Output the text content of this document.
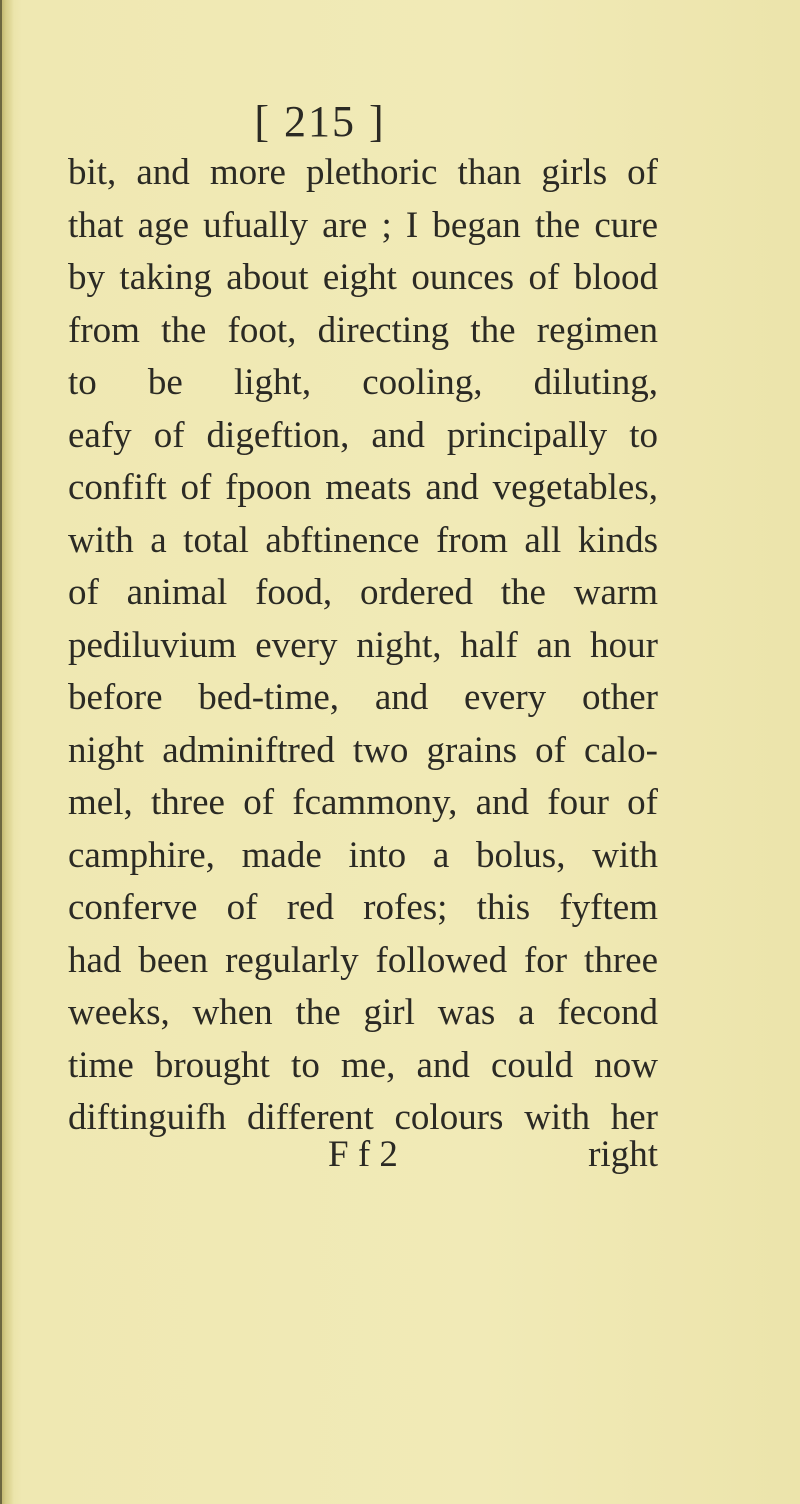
[ 215 ]
bit, and more plethoric than girls of
that age ufually are ; I began the cure
by taking about eight ounces of blood
from the foot, directing the regimen
to be light, cooling, diluting,
eafy of digeftion, and principally to
confift of fpoon meats and vegetables,
with a total abftinence from all kinds
of animal food, ordered the warm
pediluvium every night, half an hour
before bed-time, and every other
night adminiftred two grains of calo-
mel, three of fcammony, and four of
camphire, made into a bolus, with
conferve of red rofes; this fyftem
had been regularly followed for three
weeks, when the girl was a fecond
time brought to me, and could now
diftinguifh different colours with her
F f 2	right
